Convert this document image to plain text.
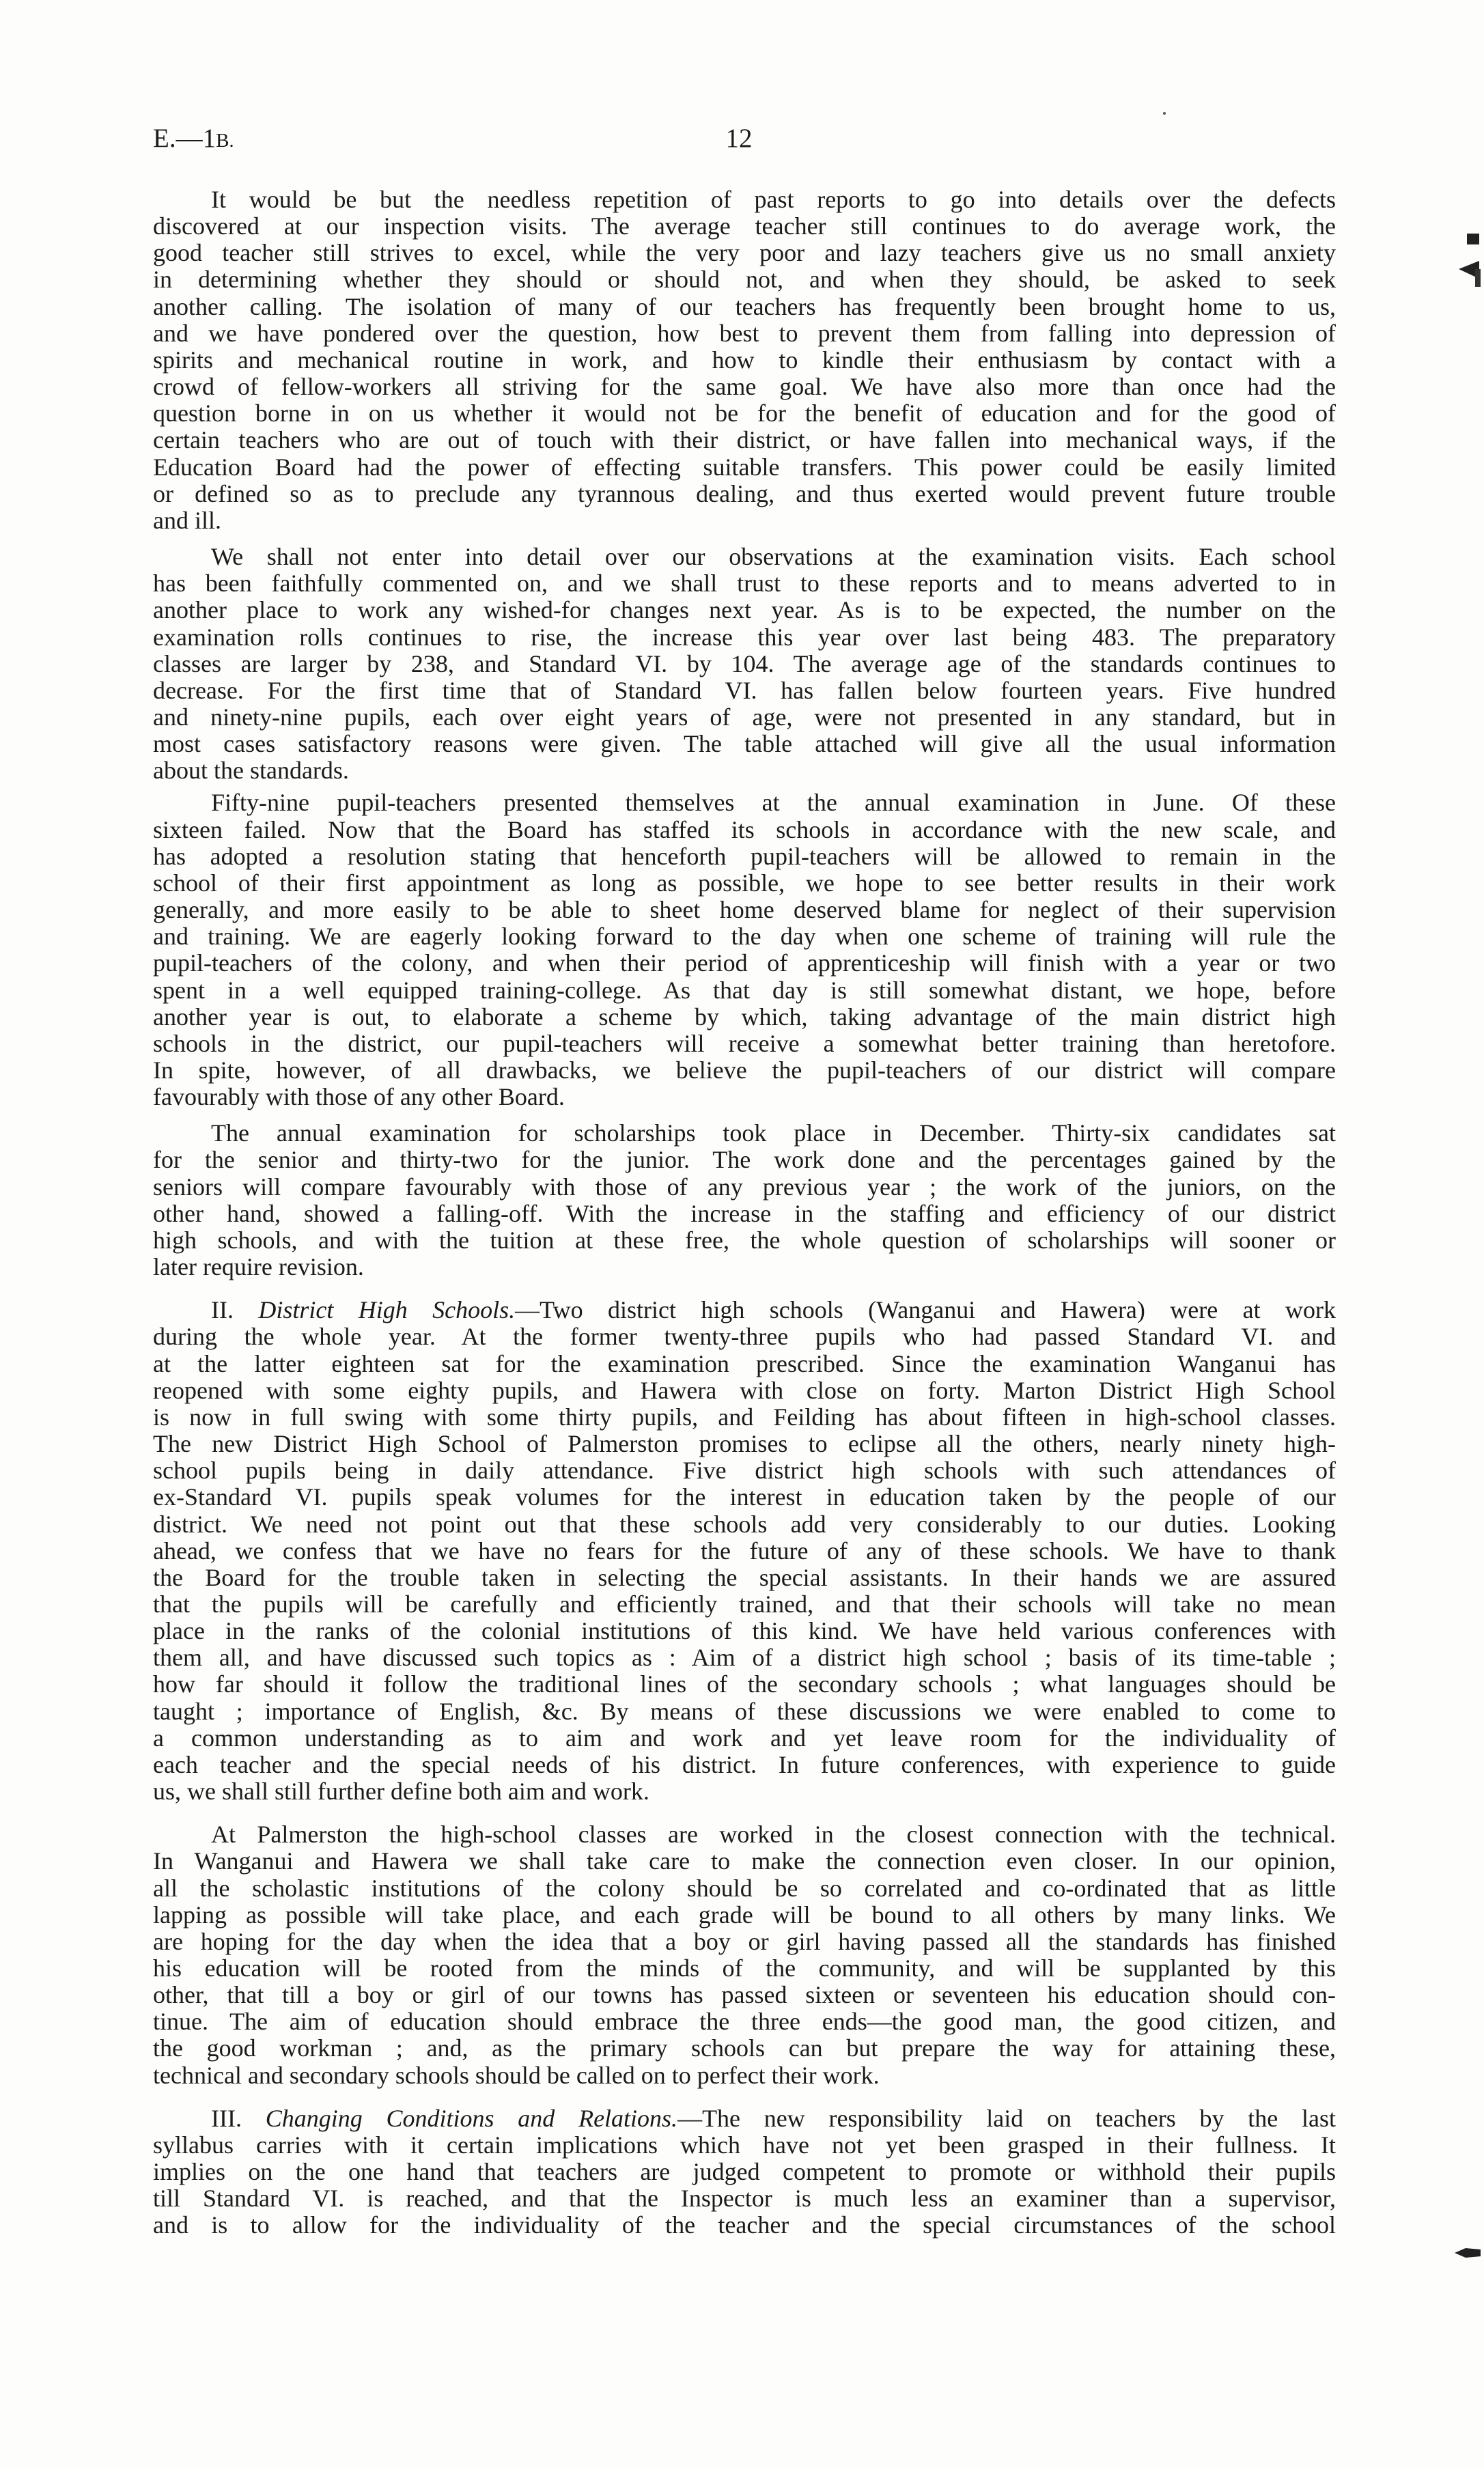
E.—1B.	12
It would be but the needless repetition of past reports to go into details over the defects
discovered at our inspection visits. The average teacher still continues to do average work, the
good teacher still strives to excel, while the very poor and lazy teachers give us no small anxiety
in determining whether they should or should not, and when they should, be asked to seek
another calling. The isolation of many of our teachers has frequently been brought home to us,
and we have pondered over the question, how best to prevent them from falling into depression of
spirits and mechanical routine in work, and how to kindle their enthusiasm by contact with a
crowd of fellow-workers all striving for the same goal. We have also more than once had the
question borne in on us whether it would not be for the benefit of education and for the good of
certain teachers who are out of touch with their district, or have fallen into mechanical ways, if the
Education Board had the power of effecting suitable transfers. This power could be easily limited
or defined so as to preclude any tyrannous dealing, and thus exerted would prevent future trouble
and ill.
We shall not enter into detail over our observations at the examination visits. Each school
has been faithfully commented on, and we shall trust to these reports and to means adverted to in
another place to work any wished-for changes next year. As is to be expected, the number on the
examination rolls continues to rise, the increase this year over last being 483. The preparatory
classes are larger by 238, and Standard VI. by 104. The average age of the standards continues to
decrease. For the first time that of Standard VI. has fallen below fourteen years. Five hundred
and ninety-nine pupils, each over eight years of age, were not presented in any standard, but in
most cases satisfactory reasons were given. The table attached will give all the usual information
about the standards.
Fifty-nine pupil-teachers presented themselves at the annual examination in June. Of these
sixteen failed. Now that the Board has staffed its schools in accordance with the new scale, and
has adopted a resolution stating that henceforth pupil-teachers will be allowed to remain in the
school of their first appointment as long as possible, we hope to see better results in their work
generally, and more easily to be able to sheet home deserved blame for neglect of their supervision
and training. We are eagerly looking forward to the day when one scheme of training will rule the
pupil-teachers of the colony, and when their period of apprenticeship will finish with a year or two
spent in a well equipped training-college. As that day is still somewhat distant, we hope, before
another year is out, to elaborate a scheme by which, taking advantage of the main district high
schools in the district, our pupil-teachers will receive a somewhat better training than heretofore.
In spite, however, of all drawbacks, we believe the pupil-teachers of our district will compare
favourably with those of any other Board.
The annual examination for scholarships took place in December. Thirty-six candidates sat
for the senior and thirty-two for the junior. The work done and the percentages gained by the
seniors will compare favourably with those of any previous year ; the work of the juniors, on the
other hand, showed a falling-off. With the increase in the staffing and efficiency of our district
high schools, and with the tuition at these free, the whole question of scholarships will sooner or
later require revision.
II. District High Schools.—Two district high schools (Wanganui and Hawera) were at work
during the whole year. At the former twenty-three pupils who had passed Standard VI. and
at the latter eighteen sat for the examination prescribed. Since the examination Wanganui has
reopened with some eighty pupils, and Hawera with close on forty. Marton District High School
is now in full swing with some thirty pupils, and Feilding has about fifteen in high-school classes.
The new District High School of Palmerston promises to eclipse all the others, nearly ninety high-
school pupils being in daily attendance. Five district high schools with such attendances of
ex-Standard VI. pupils speak volumes for the interest in education taken by the people of our
district. We need not point out that these schools add very considerably to our duties. Looking
ahead, we confess that we have no fears for the future of any of these schools. We have to thank
the Board for the trouble taken in selecting the special assistants. In their hands we are assured
that the pupils will be carefully and efficiently trained, and that their schools will take no mean
place in the ranks of the colonial institutions of this kind. We have held various conferences with
them all, and have discussed such topics as : Aim of a district high school ; basis of its time-table ;
how far should it follow the traditional lines of the secondary schools ; what languages should be
taught ; importance of English, &c. By means of these discussions we were enabled to come to
a common understanding as to aim and work and yet leave room for the individuality of
each teacher and the special needs of his district. In future conferences, with experience to guide
us, we shall still further define both aim and work.
At Palmerston the high-school classes are worked in the closest connection with the technical.
In Wanganui and Hawera we shall take care to make the connection even closer. In our opinion,
all the scholastic institutions of the colony should be so correlated and co-ordinated that as little
lapping as possible will take place, and each grade will be bound to all others by many links. We
are hoping for the day when the idea that a boy or girl having passed all the standards has finished
his education will be rooted from the minds of the community, and will be supplanted by this
other, that till a boy or girl of our towns has passed sixteen or seventeen his education should con-
tinue. The aim of education should embrace the three ends—the good man, the good citizen, and
the good workman ; and, as the primary schools can but prepare the way for attaining these,
technical and secondary schools should be called on to perfect their work.
III. Changing Conditions and Relations.—The new responsibility laid on teachers by the last
syllabus carries with it certain implications which have not yet been grasped in their fullness. It
implies on the one hand that teachers are judged competent to promote or withhold their pupils
till Standard VI. is reached, and that the Inspector is much less an examiner than a supervisor,
and is to allow for the individuality of the teacher and the special circumstances of the school
